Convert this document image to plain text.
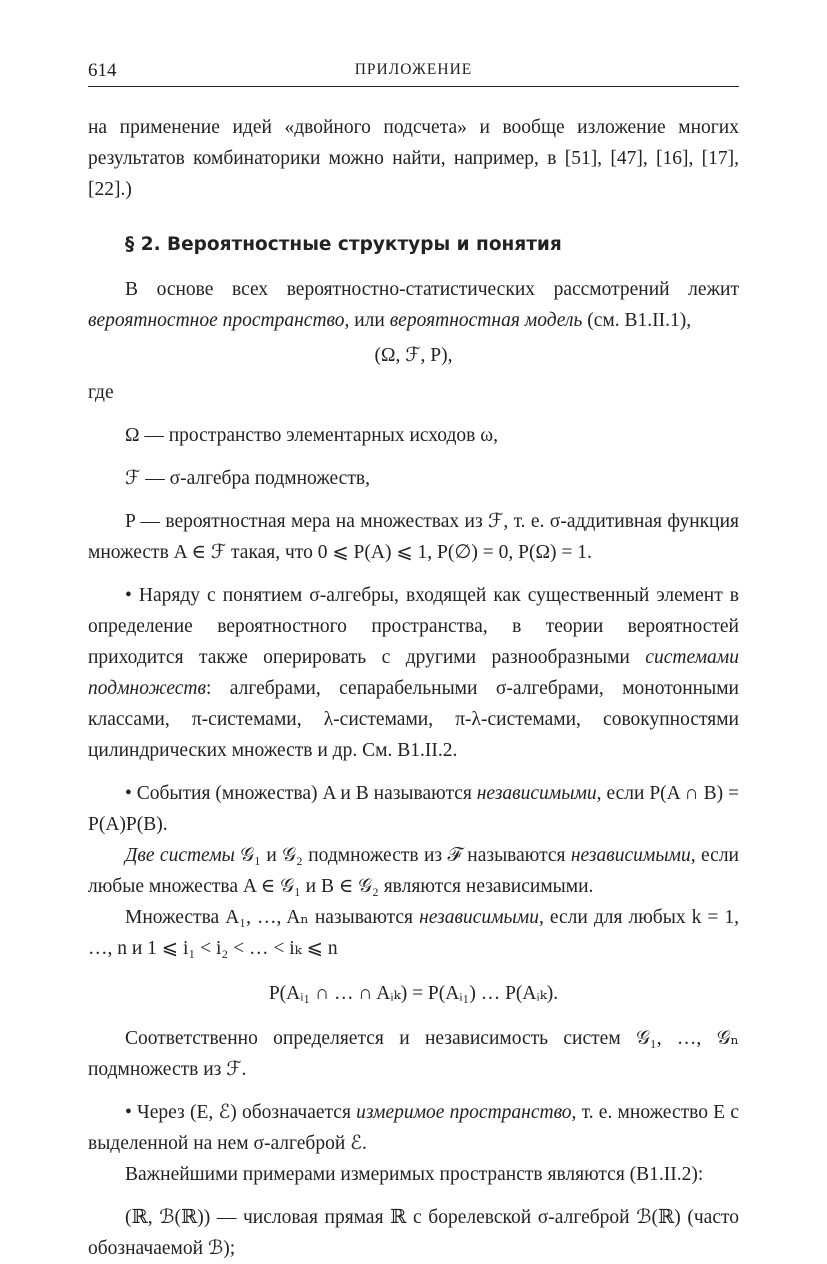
614	ПРИЛОЖЕНИЕ

на применение идей «двойного подсчета» и вообще изложение многих результатов комбинаторики можно найти, например, в [51], [47], [16], [17], [22].)

§ 2. Вероятностные структуры и понятия

В основе всех вероятностно-статистических рассмотрений лежит вероятностное пространство, или вероятностная модель (см. В1.II.1),

(Ω, ℱ, P),

где

Ω — пространство элементарных исходов ω,

ℱ — σ-алгебра подмножеств,

P — вероятностная мера на множествах из ℱ, т. е. σ-аддитивная функция множеств A ∈ ℱ такая, что 0 ⩽ P(A) ⩽ 1, P(∅) = 0, P(Ω) = 1.

• Наряду с понятием σ-алгебры, входящей как существенный элемент в определение вероятностного пространства, в теории вероятностей приходится также оперировать с другими разнообразными системами подмножеств: алгебрами, сепарабельными σ-алгебрами, монотонными классами, π-системами, λ-системами, π-λ-системами, совокупностями цилиндрических множеств и др. См. В1.II.2.

• События (множества) A и B называются независимыми, если P(A ∩ B) = P(A)P(B).

Две системы 𝒢₁ и 𝒢₂ подмножеств из ℱ называются независимыми, если любые множества A ∈ 𝒢₁ и B ∈ 𝒢₂ являются независимыми.

Множества A₁, …, Aₙ называются независимыми, если для любых k = 1, …, n и 1 ⩽ i₁ < i₂ < … < iₖ ⩽ n

P(Aᵢ₁ ∩ … ∩ Aᵢₖ) = P(Aᵢ₁) … P(Aᵢₖ).

Соответственно определяется и независимость систем 𝒢₁, …, 𝒢ₙ подмножеств из ℱ.

• Через (E, ℰ) обозначается измеримое пространство, т. е. множество E с выделенной на нем σ-алгеброй ℰ.

Важнейшими примерами измеримых пространств являются (В1.II.2):

(ℝ, ℬ(ℝ)) — числовая прямая ℝ с борелевской σ-алгеброй ℬ(ℝ) (часто обозначаемой ℬ);
